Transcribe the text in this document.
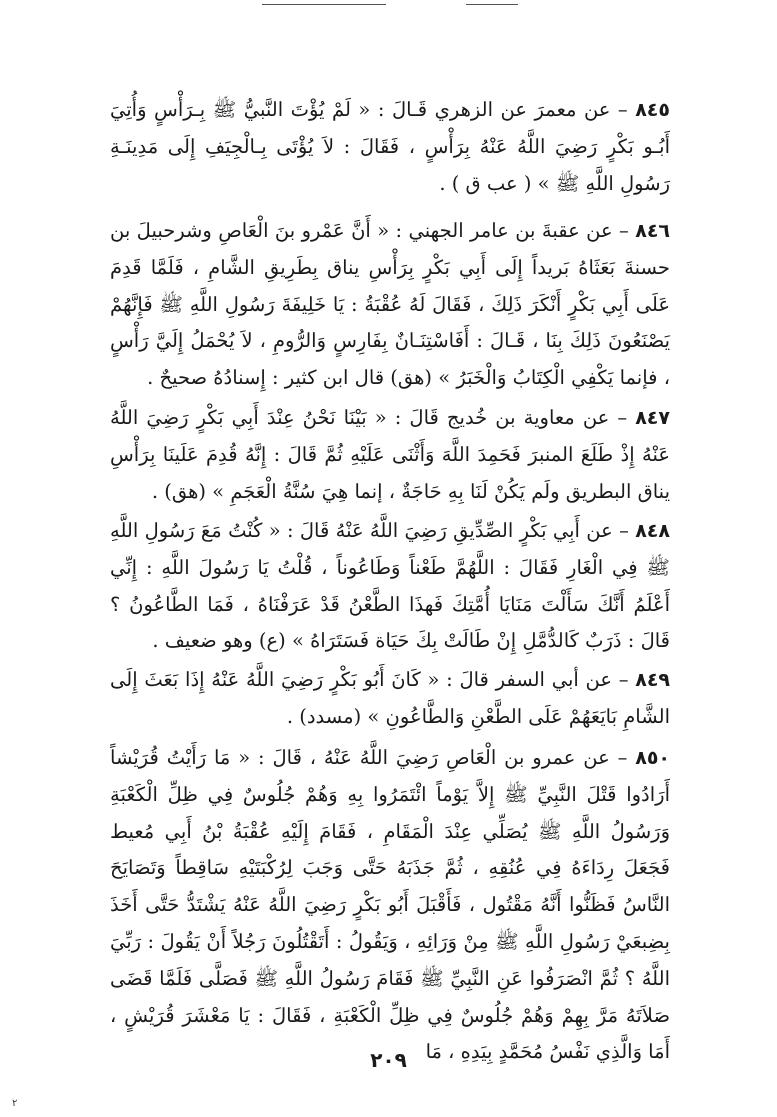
٨٤٥ – عن معمرَ عن الزهري قَـالَ : « لَمْ يُؤْتَ النَّبيُّ ﷺ بِـرَأْسٍ وَأُتِيَ أَبُـو بَكْرٍ رَضِيَ اللَّهُ عَنْهُ بِرَأْسٍ ، فَقَالَ : لاَ يُؤْتَى بِـالْجِيَفِ إِلَى مَدِينَـةِ رَسُولِ اللَّهِ ﷺ » ( عب ق ) .

٨٤٦ – عن عقبةَ بن عامر الجهني : « أَنَّ عَمْرو بنَ الْعَاصِ وشرحبيلَ بن حسنةَ بَعَثَاهُ بَريداً إِلَى أَبِي بَكْرٍ بِرَأْسِ يناق بِطَرِيقِ الشَّامِ ، فَلَمَّا قَدِمَ عَلَى أَبِي بَكْرٍ أَنْكَرَ ذَلِكَ ، فَقَالَ لَهُ عُقْبَةُ : يَا خَلِيفَةَ رَسُولِ اللَّهِ ﷺ فَإِنَّهُمْ يَصْنَعُونَ ذَلِكَ بِنَا ، قَـالَ : أَفَاسْتِنَـانٌ بِفَارِسٍ وَالرُّومِ ، لاَ يُحْمَلُ إِلَيَّ رَأْسٍ ، فإنما يَكْفِي الْكِتَابُ وَالْخَبَرُ » (هق) قال ابن كثير : إِسنادُهُ صحيحٌ .

٨٤٧ – عن معاوية بن خُديج قَالَ : « بَيْنَا نَحْنُ عِنْدَ أَبِي بَكْرٍ رَضِيَ اللَّهُ عَنْهُ إِذْ طَلَعَ المنبرَ فَحَمِدَ اللَّهَ وَأَثْنَى عَلَيْهِ ثُمَّ قَالَ : إِنَّهُ قُدِمَ عَلَينَا بِرَأْسِ يناق البطريق ولَم يَكُنْ لَنَا بِهِ حَاجَةٌ ، إنما هِيَ سُنَّةُ الْعَجَمِ » (هق) .

٨٤٨ – عن أَبِي بَكْرٍ الصِّدِّيقِ رَضِيَ اللَّهُ عَنْهُ قَالَ : « كُنْتُ مَعَ رَسُولِ اللَّهِ ﷺ فِي الْغَارِ فَقَالَ : اللَّهُمَّ طَعْناً وَطَاعُوناً ، قُلْتُ يَا رَسُولَ اللَّهِ : إِنِّي أَعْلَمُ أَنَّكَ سَأَلْتَ مَنَايَا أُمَّتِكَ فَهذَا الطَّعْنُ قَدْ عَرَفْنَاهُ ، فَمَا الطَّاعُونُ ؟ قَالَ : ذَرَبٌ كَالدُّمَّلِ إِنْ طَالَتْ بِكَ حَيَاة فَسَتَرَاهُ » (ع) وهو ضعيف .

٨٤٩ – عن أبي السفر قالَ : « كَانَ أَبُو بَكْرٍ رَضِيَ اللَّهُ عَنْهُ إِذَا بَعَثَ إِلَى الشَّامِ بَايَعَهُمْ عَلَى الطَّعْنِ وَالطَّاعُونِ » (مسدد) .

٨٥٠ – عن عمرو بن الْعَاصِ رَضِيَ اللَّهُ عَنْهُ ، قَالَ : « مَا رَأَيْتُ قُرَيْشاً أَرَادُوا قَتْلَ النَّبِيِّ ﷺ إِلاَّ يَوْماً ائْتَمَرُوا بِهِ وَهُمْ جُلُوسٌ فِي ظِلِّ الْكَعْبَةِ وَرَسُولُ اللَّهِ ﷺ يُصَلِّي عِنْدَ الْمَقَامِ ، فَقَامَ إِلَيْهِ عُقْبَةُ بْنُ أَبِي مُعيط فَجَعَلَ رِدَاءَهُ فِي عُنُقِهِ ، ثُمَّ جَذَبَهُ حَتَّى وَجَبَ لِرُكْبَتَيْهِ سَاقِطاً وَتَصَايَحَ النَّاسُ فَظَنُّوا أَنَّهُ مَقْتُول ، فَأَقْبَلَ أَبُو بَكْرٍ رَضِيَ اللَّهُ عَنْهُ يَشْتَدُّ حَتَّى أَخَذَ بِضِبعَيْ رَسُولِ اللَّهِ ﷺ مِنْ وَرَائِهِ ، وَيَقُولُ : أَتَقْتُلُونَ رَجُلاً أَنْ يَقُولَ : رَبِّيَ اللَّهُ ؟ ثُمَّ انْصَرَفُوا عَنِ النَّبِيِّ ﷺ فَقَامَ رَسُولُ اللَّهِ ﷺ فَصَلَّى فَلَمَّا قَضَى صَلاَتَهُ مَرَّ بِهِمْ وَهُمْ جُلُوسٌ فِي ظِلِّ الْكَعْبَةِ ، فَقَالَ : يَا مَعْشَرَ قُرَيْشٍ ، أَمَا وَالَّذِي نَفْسُ مُحَمَّدٍ بِيَدِهِ ، مَا

٢٠٩
٢
